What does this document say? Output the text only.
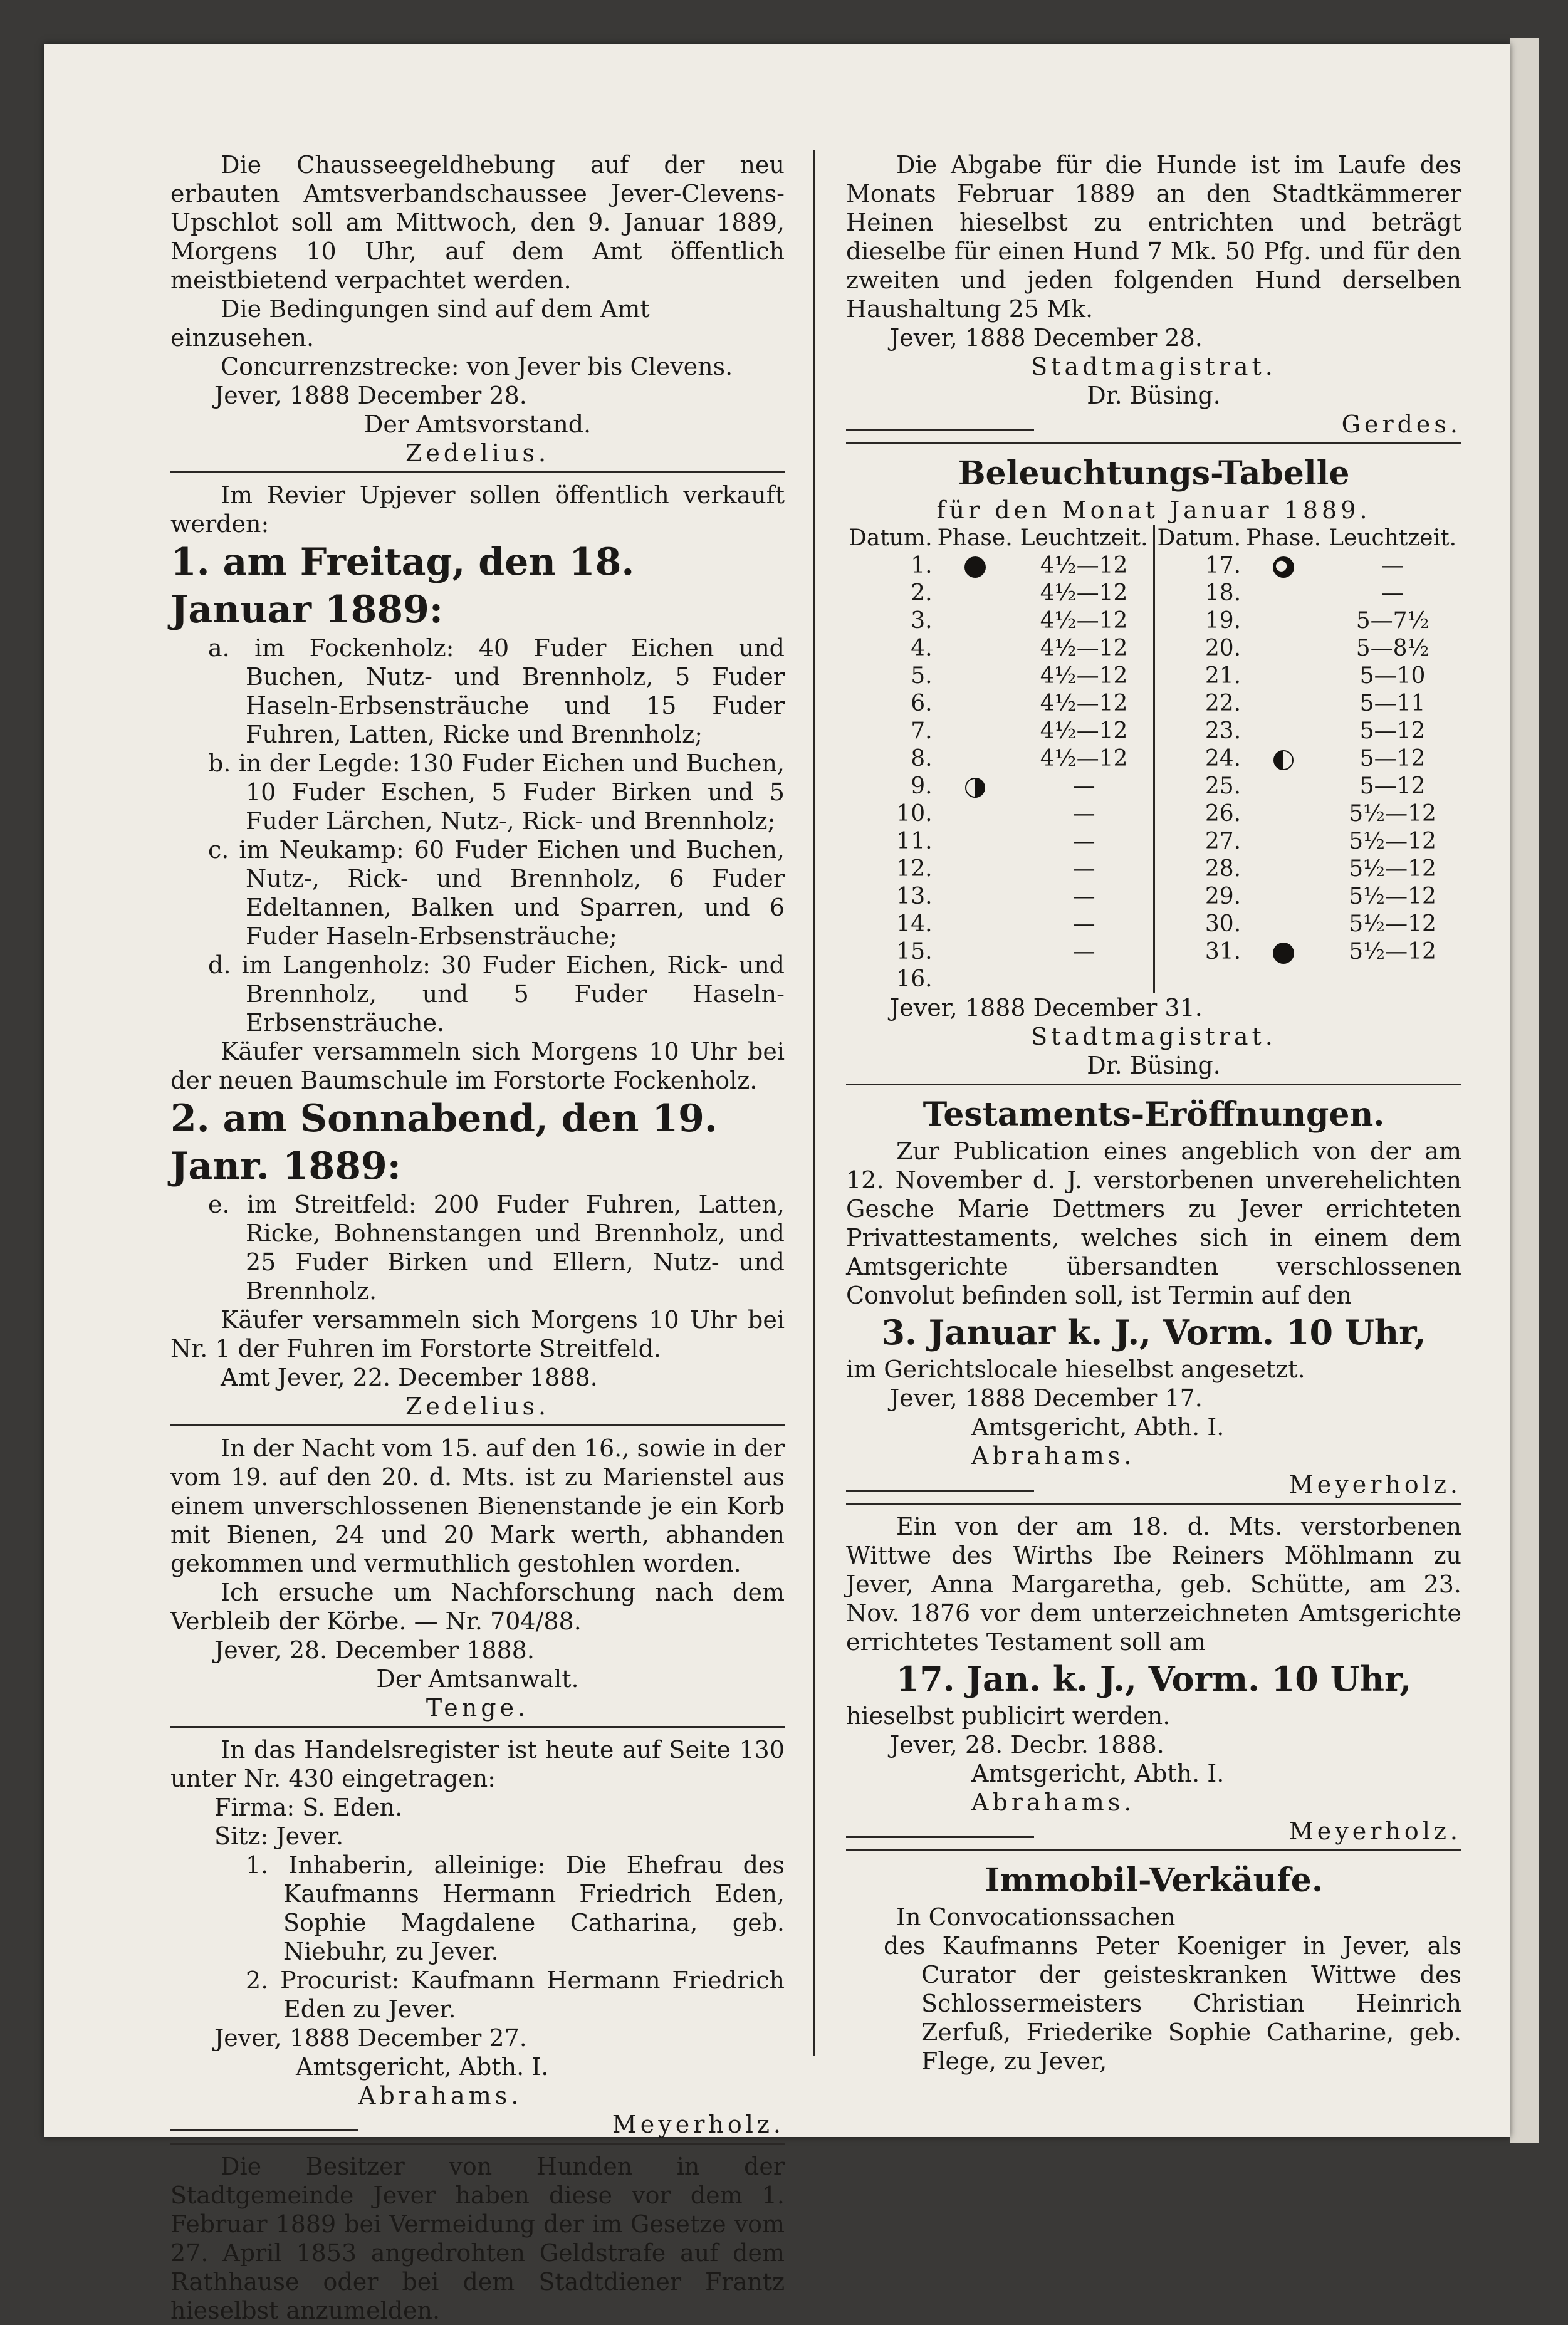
Die Chausseegeldhebung auf der neu erbauten Amtsverbandschaussee Jever-Clevens-Upschlot soll am Mittwoch, den 9. Januar 1889, Morgens 10 Uhr, auf dem Amt öffentlich meistbietend verpachtet werden.

Die Bedingungen sind auf dem Amt einzusehen.

Concurrenzstrecke: von Jever bis Clevens.

Jever, 1888 December 28.

Der Amtsvorstand.

Zedelius.

Im Revier Upjever sollen öffentlich verkauft werden:

1. am Freitag, den 18. Januar 1889:

a. im Fockenholz: 40 Fuder Eichen und Buchen, Nutz- und Brennholz, 5 Fuder Haseln-Erbsensträuche und 15 Fuder Fuhren, Latten, Ricke und Brennholz;

b. in der Legde: 130 Fuder Eichen und Buchen, 10 Fuder Eschen, 5 Fuder Birken und 5 Fuder Lärchen, Nutz-, Rick- und Brennholz;

c. im Neukamp: 60 Fuder Eichen und Buchen, Nutz-, Rick- und Brennholz, 6 Fuder Edeltannen, Balken und Sparren, und 6 Fuder Haseln-Erbsensträuche;

d. im Langenholz: 30 Fuder Eichen, Rick- und Brennholz, und 5 Fuder Haseln-Erbsensträuche.

Käufer versammeln sich Morgens 10 Uhr bei der neuen Baumschule im Forstorte Fockenholz.

2. am Sonnabend, den 19. Janr. 1889:

e. im Streitfeld: 200 Fuder Fuhren, Latten, Ricke, Bohnenstangen und Brennholz, und 25 Fuder Birken und Ellern, Nutz- und Brennholz.

Käufer versammeln sich Morgens 10 Uhr bei Nr. 1 der Fuhren im Forstorte Streitfeld.

Amt Jever, 22. December 1888.

Zedelius.

In der Nacht vom 15. auf den 16., sowie in der vom 19. auf den 20. d. Mts. ist zu Marienstel aus einem unverschlossenen Bienenstande je ein Korb mit Bienen, 24 und 20 Mark werth, abhanden gekommen und vermuthlich gestohlen worden.

Ich ersuche um Nachforschung nach dem Verbleib der Körbe. — Nr. 704/88.

Jever, 28. December 1888.

Der Amtsanwalt.

Tenge.

In das Handelsregister ist heute auf Seite 130 unter Nr. 430 eingetragen:

Firma: S. Eden.

Sitz: Jever.

1. Inhaberin, alleinige: Die Ehefrau des Kaufmanns Hermann Friedrich Eden, Sophie Magdalene Catharina, geb. Niebuhr, zu Jever.

2. Procurist: Kaufmann Hermann Friedrich Eden zu Jever.

Jever, 1888 December 27.

Amtsgericht, Abth. I.

Abrahams.

Meyerholz.

Die Besitzer von Hunden in der Stadtgemeinde Jever haben diese vor dem 1. Februar 1889 bei Vermeidung der im Gesetze vom 27. April 1853 angedrohten Geldstrafe auf dem Rathhause oder bei dem Stadtdiener Frantz hieselbst anzumelden.

Die Abgabe für die Hunde ist im Laufe des Monats Februar 1889 an den Stadtkämmerer Heinen hieselbst zu entrichten und beträgt dieselbe für einen Hund 7 Mk. 50 Pfg. und für den zweiten und jeden folgenden Hund derselben Haushaltung 25 Mk.

Jever, 1888 December 28.

Stadtmagistrat.

Dr. Büsing.

Gerdes.

Beleuchtungs-Tabelle

für den Monat Januar 1889.

Datum.	Phase.	Leuchtzeit.	Datum.	Phase.	Leuchtzeit.
1.		4½—12	17.		—
2.		4½—12	18.		—
3.		4½—12	19.		5—7½
4.		4½—12	20.		5—8½
5.		4½—12	21.		5—10
6.		4½—12	22.		5—11
7.		4½—12	23.		5—12
8.		4½—12	24.		5—12
9.		—	25.		5—12
10.		—	26.		5½—12
11.		—	27.		5½—12
12.		—	28.		5½—12
13.		—	29.		5½—12
14.		—	30.		5½—12
15.		—	31.		5½—12
16.					

Jever, 1888 December 31.

Stadtmagistrat.

Dr. Büsing.

Testaments-Eröffnungen.

Zur Publication eines angeblich von der am 12. November d. J. verstorbenen unverehelichten Gesche Marie Dettmers zu Jever errichteten Privattestaments, welches sich in einem dem Amtsgerichte übersandten verschlossenen Convolut befinden soll, ist Termin auf den

3. Januar k. J., Vorm. 10 Uhr,

im Gerichtslocale hieselbst angesetzt.

Jever, 1888 December 17.

Amtsgericht, Abth. I.

Abrahams.

Meyerholz.

Ein von der am 18. d. Mts. verstorbenen Wittwe des Wirths Ibe Reiners Möhlmann zu Jever, Anna Margaretha, geb. Schütte, am 23. Nov. 1876 vor dem unterzeichneten Amtsgerichte errichtetes Testament soll am

17. Jan. k. J., Vorm. 10 Uhr,

hieselbst publicirt werden.

Jever, 28. Decbr. 1888.

Amtsgericht, Abth. I.

Abrahams.

Meyerholz.

Immobil-Verkäufe.

In Convocationssachen

des Kaufmanns Peter Koeniger in Jever, als Curator der geisteskranken Wittwe des Schlossermeisters Christian Heinrich Zerfuß, Friederike Sophie Catharine, geb. Flege, zu Jever,
